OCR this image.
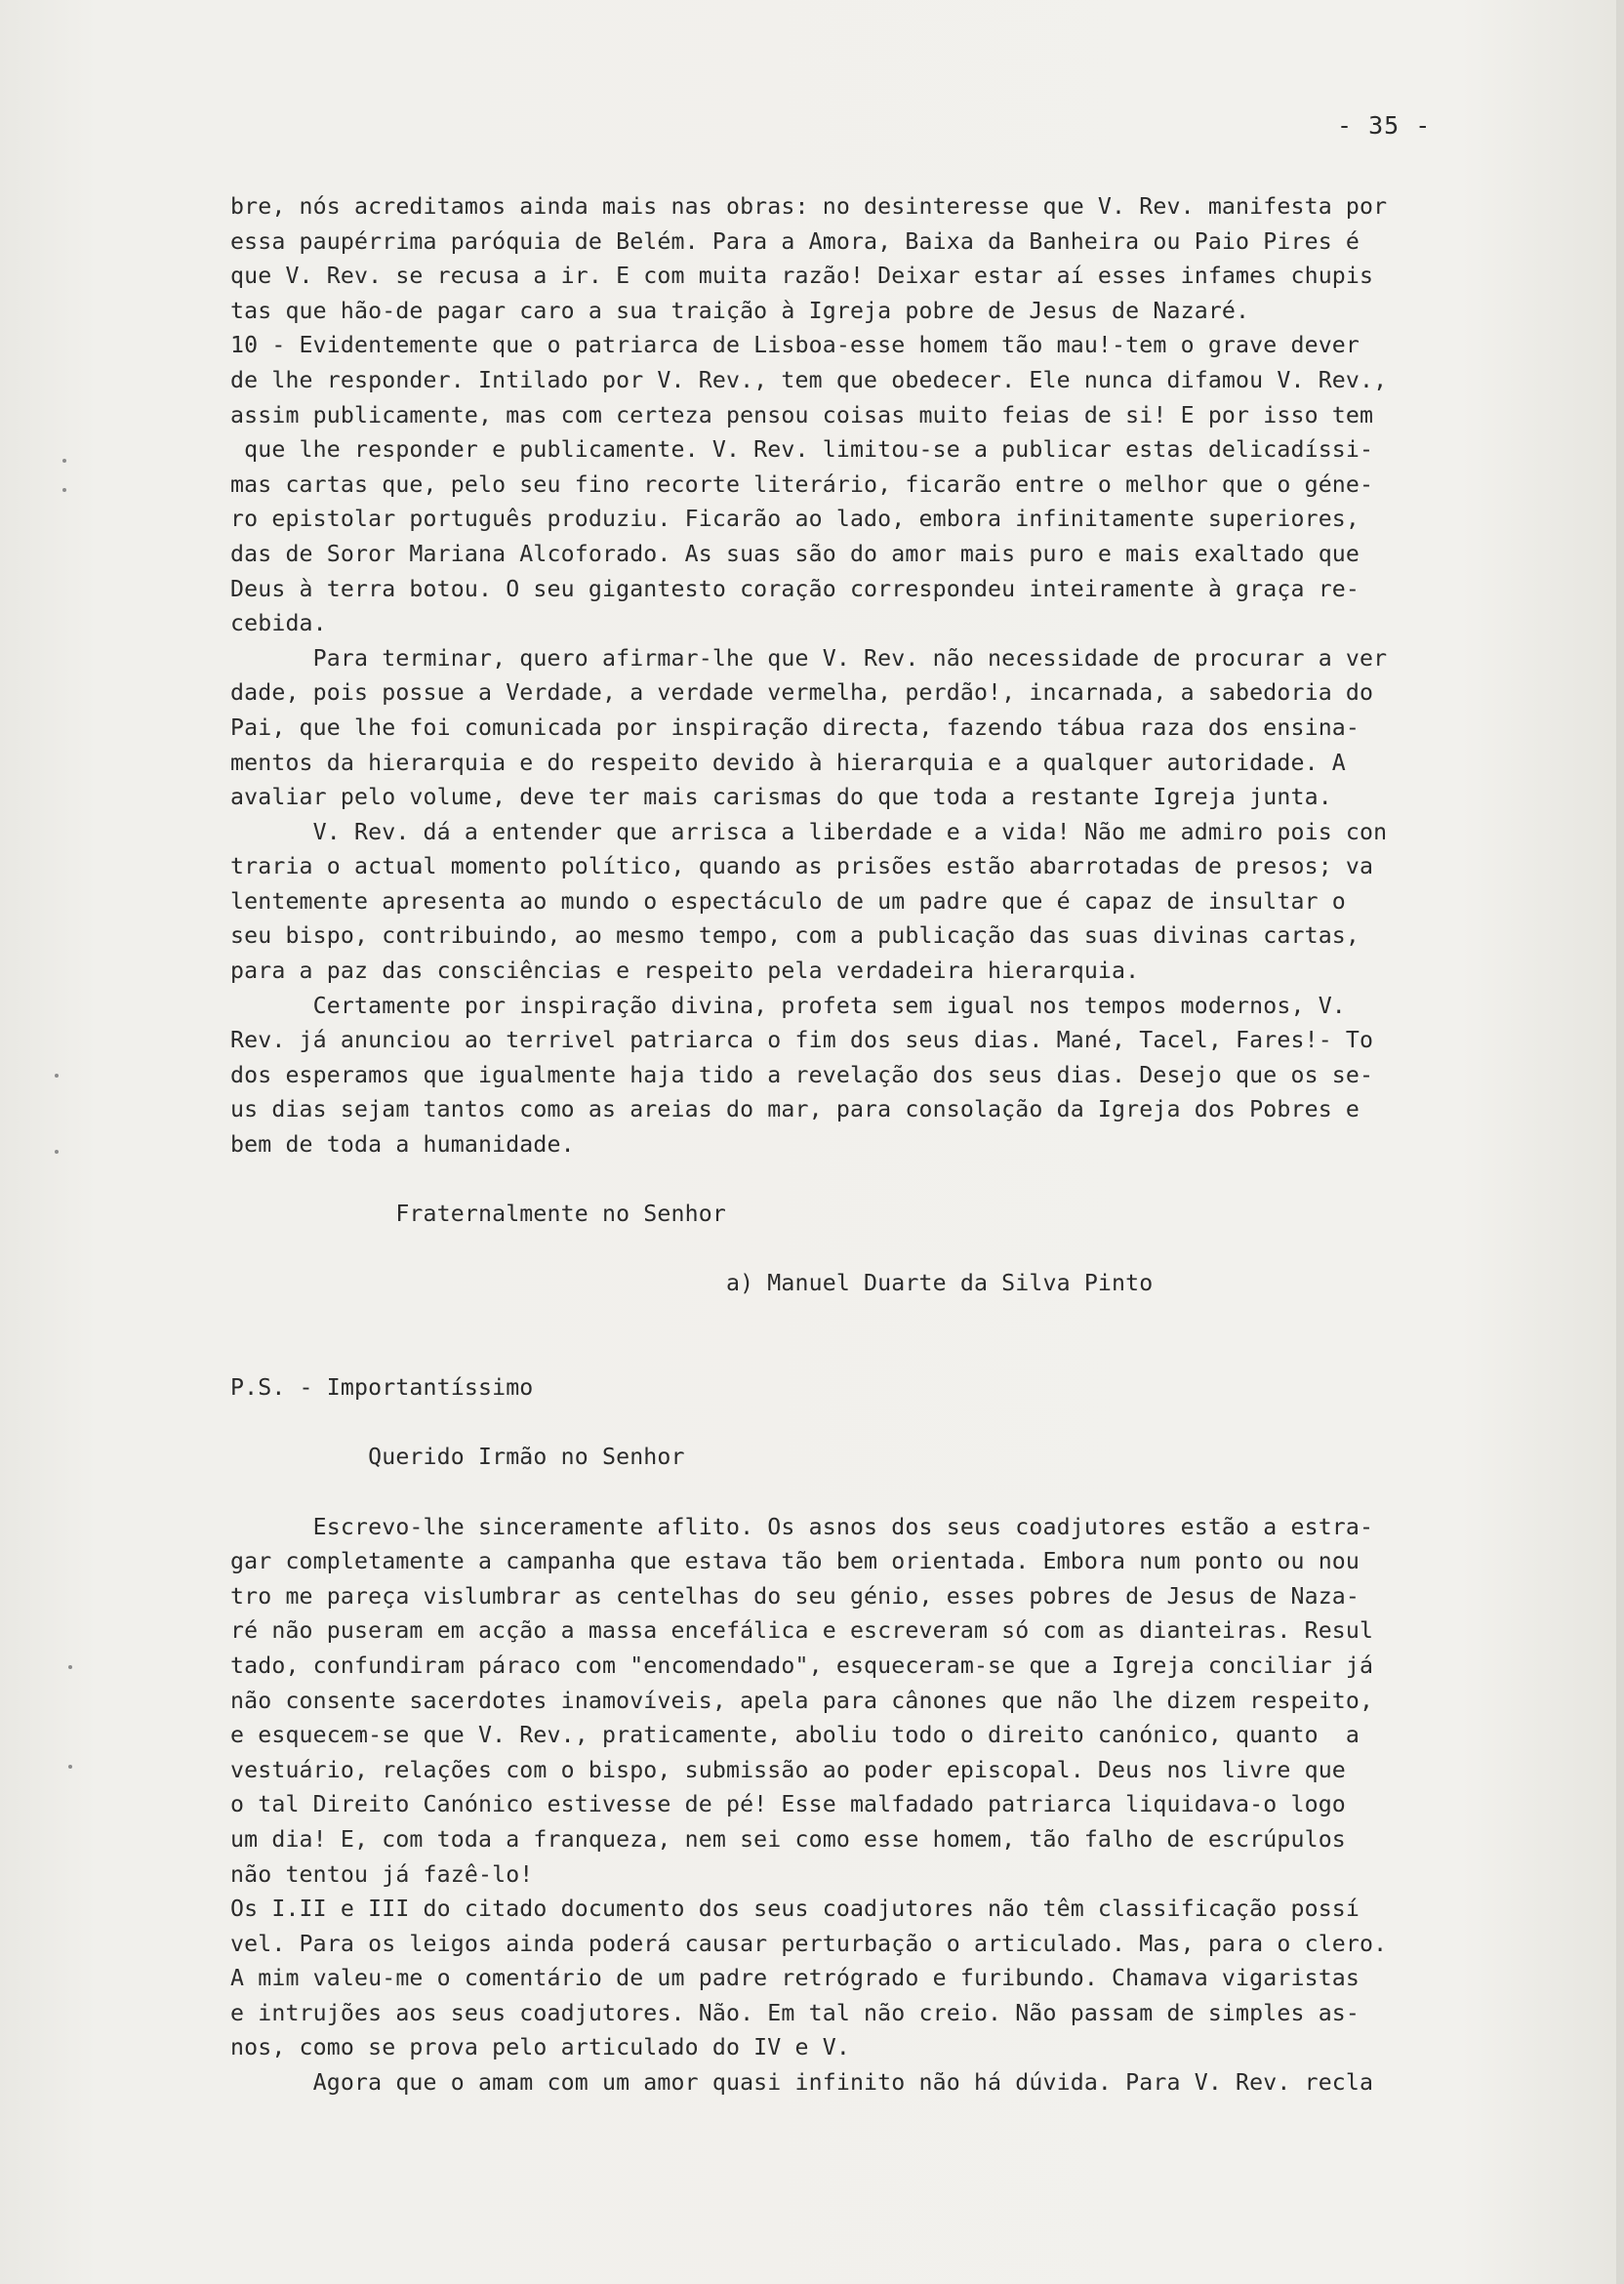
- 35 -
bre, nós acreditamos ainda mais nas obras: no desinteresse que V. Rev. manifesta por
essa paupérrima paróquia de Belém. Para a Amora, Baixa da Banheira ou Paio Pires é
que V. Rev. se recusa a ir. E com muita razão! Deixar estar aí esses infames chupis
tas que hão-de pagar caro a sua traição à Igreja pobre de Jesus de Nazaré.
10 - Evidentemente que o patriarca de Lisboa-esse homem tão mau!-tem o grave dever
de lhe responder. Intilado por V. Rev., tem que obedecer. Ele nunca difamou V. Rev.,
assim publicamente, mas com certeza pensou coisas muito feias de si! E por isso tem
que lhe responder e publicamente. V. Rev. limitou-se a publicar estas delicadíssi-
mas cartas que, pelo seu fino recorte literário, ficarão entre o melhor que o géne-
ro epistolar português produziu. Ficarão ao lado, embora infinitamente superiores,
das de Soror Mariana Alcoforado. As suas são do amor mais puro e mais exaltado que
Deus à terra botou. O seu gigantesto coração correspondeu inteiramente à graça re-
cebida.
Para terminar, quero afirmar-lhe que V. Rev. não necessidade de procurar a ver
dade, pois possue a Verdade, a verdade vermelha, perdão!, incarnada, a sabedoria do
Pai, que lhe foi comunicada por inspiração directa, fazendo tábua raza dos ensina-
mentos da hierarquia e do respeito devido à hierarquia e a qualquer autoridade. A
avaliar pelo volume, deve ter mais carismas do que toda a restante Igreja junta.
V. Rev. dá a entender que arrisca a liberdade e a vida! Não me admiro pois con
traria o actual momento político, quando as prisões estão abarrotadas de presos; va
lentemente apresenta ao mundo o espectáculo de um padre que é capaz de insultar o
seu bispo, contribuindo, ao mesmo tempo, com a publicação das suas divinas cartas,
para a paz das consciências e respeito pela verdadeira hierarquia.
Certamente por inspiração divina, profeta sem igual nos tempos modernos, V.
Rev. já anunciou ao terrivel patriarca o fim dos seus dias. Mané, Tacel, Fares!- To
dos esperamos que igualmente haja tido a revelação dos seus dias. Desejo que os se-
us dias sejam tantos como as areias do mar, para consolação da Igreja dos Pobres e
bem de toda a humanidade.
Fraternalmente no Senhor
a) Manuel Duarte da Silva Pinto
P.S. - Importantíssimo
Querido Irmão no Senhor
Escrevo-lhe sinceramente aflito. Os asnos dos seus coadjutores estão a estra-
gar completamente a campanha que estava tão bem orientada. Embora num ponto ou nou
tro me pareça vislumbrar as centelhas do seu génio, esses pobres de Jesus de Naza-
ré não puseram em acção a massa encefálica e escreveram só com as dianteiras. Resul
tado, confundiram páraco com "encomendado", esqueceram-se que a Igreja conciliar já
não consente sacerdotes inamovíveis, apela para cânones que não lhe dizem respeito,
e esquecem-se que V. Rev., praticamente, aboliu todo o direito canónico, quanto  a
vestuário, relações com o bispo, submissão ao poder episcopal. Deus nos livre que
o tal Direito Canónico estivesse de pé! Esse malfadado patriarca liquidava-o logo
um dia! E, com toda a franqueza, nem sei como esse homem, tão falho de escrúpulos
não tentou já fazê-lo!
Os I.II e III do citado documento dos seus coadjutores não têm classificação possí
vel. Para os leigos ainda poderá causar perturbação o articulado. Mas, para o clero.
A mim valeu-me o comentário de um padre retrógrado e furibundo. Chamava vigaristas
e intrujões aos seus coadjutores. Não. Em tal não creio. Não passam de simples as-
nos, como se prova pelo articulado do IV e V.
Agora que o amam com um amor quasi infinito não há dúvida. Para V. Rev. recla
